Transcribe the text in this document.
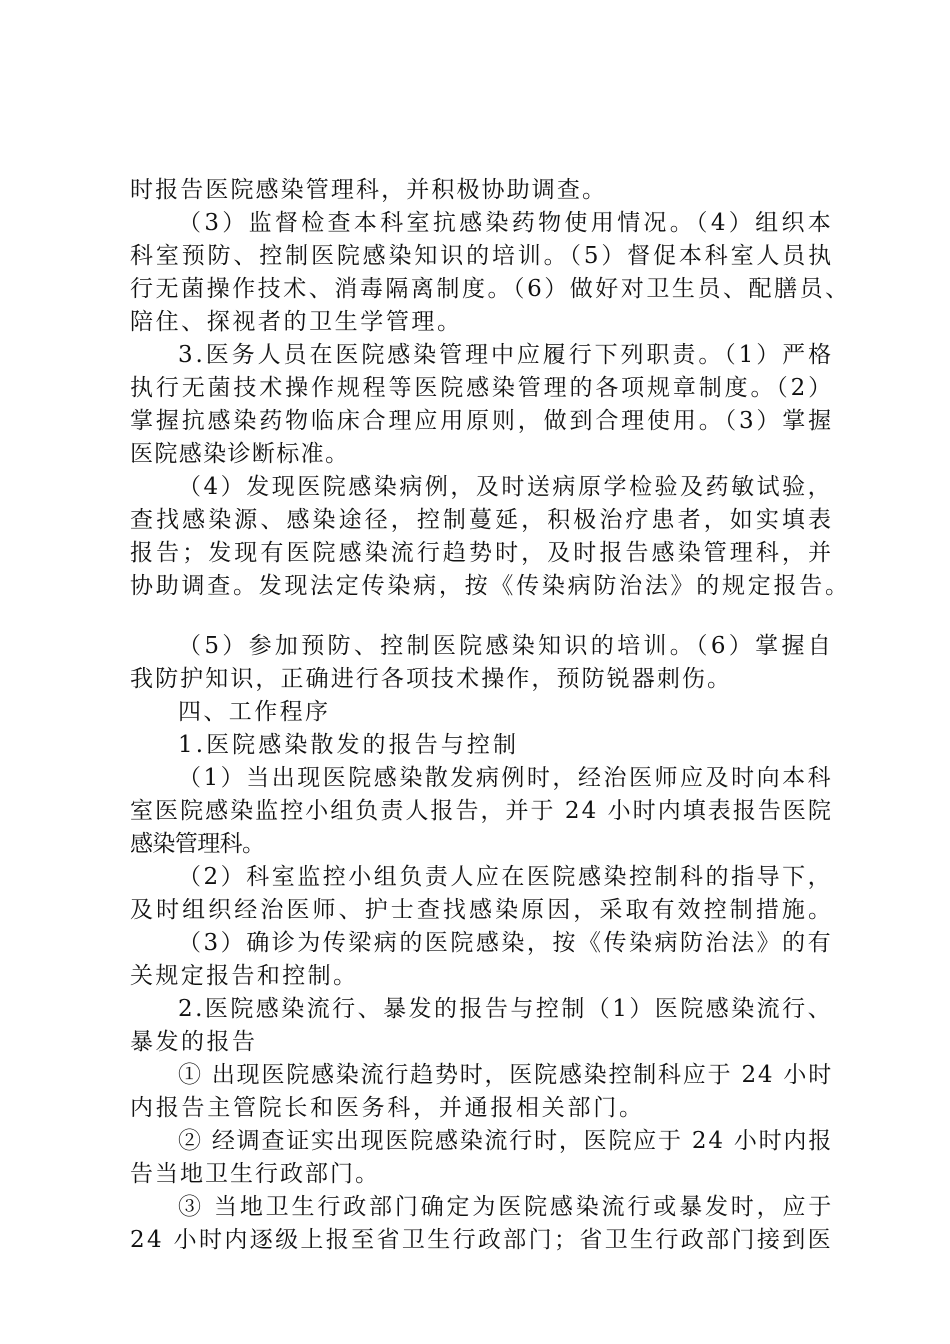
时报告医院感染管理科，并积极协助调查。
（3）监督检查本科室抗感染药物使用情况。（4）组织本
科室预防、控制医院感染知识的培训。（5）督促本科室人员执
行无菌操作技术、消毒隔离制度。（6）做好对卫生员、配膳员、
陪住、探视者的卫生学管理。
3.医务人员在医院感染管理中应履行下列职责。（1）严格
执行无菌技术操作规程等医院感染管理的各项规章制度。（2）
掌握抗感染药物临床合理应用原则，做到合理使用。（3）掌握
医院感染诊断标准。
（4）发现医院感染病例，及时送病原学检验及药敏试验，
查找感染源、感染途径，控制蔓延，积极治疗患者，如实填表
报告；发现有医院感染流行趋势时，及时报告感染管理科，并
协助调查。发现法定传染病，按《传染病防治法》的规定报告。
（5）参加预防、控制医院感染知识的培训。（6）掌握自
我防护知识，正确进行各项技术操作，预防锐器刺伤。
四、工作程序
1.医院感染散发的报告与控制
（1）当出现医院感染散发病例时，经治医师应及时向本科
室医院感染监控小组负责人报告，并于 24 小时内填表报告医院
感染管理科。
（2）科室监控小组负责人应在医院感染控制科的指导下，
及时组织经治医师、护士查找感染原因，采取有效控制措施。
（3）确诊为传梁病的医院感染，按《传染病防治法》的有
关规定报告和控制。
2.医院感染流行、暴发的报告与控制（1）医院感染流行、
暴发的报告
① 出现医院感染流行趋势时，医院感染控制科应于 24 小时
内报告主管院长和医务科，并通报相关部门。
② 经调查证实出现医院感染流行时，医院应于 24 小时内报
告当地卫生行政部门。
③ 当地卫生行政部门确定为医院感染流行或暴发时，应于
24 小时内逐级上报至省卫生行政部门；省卫生行政部门接到医
